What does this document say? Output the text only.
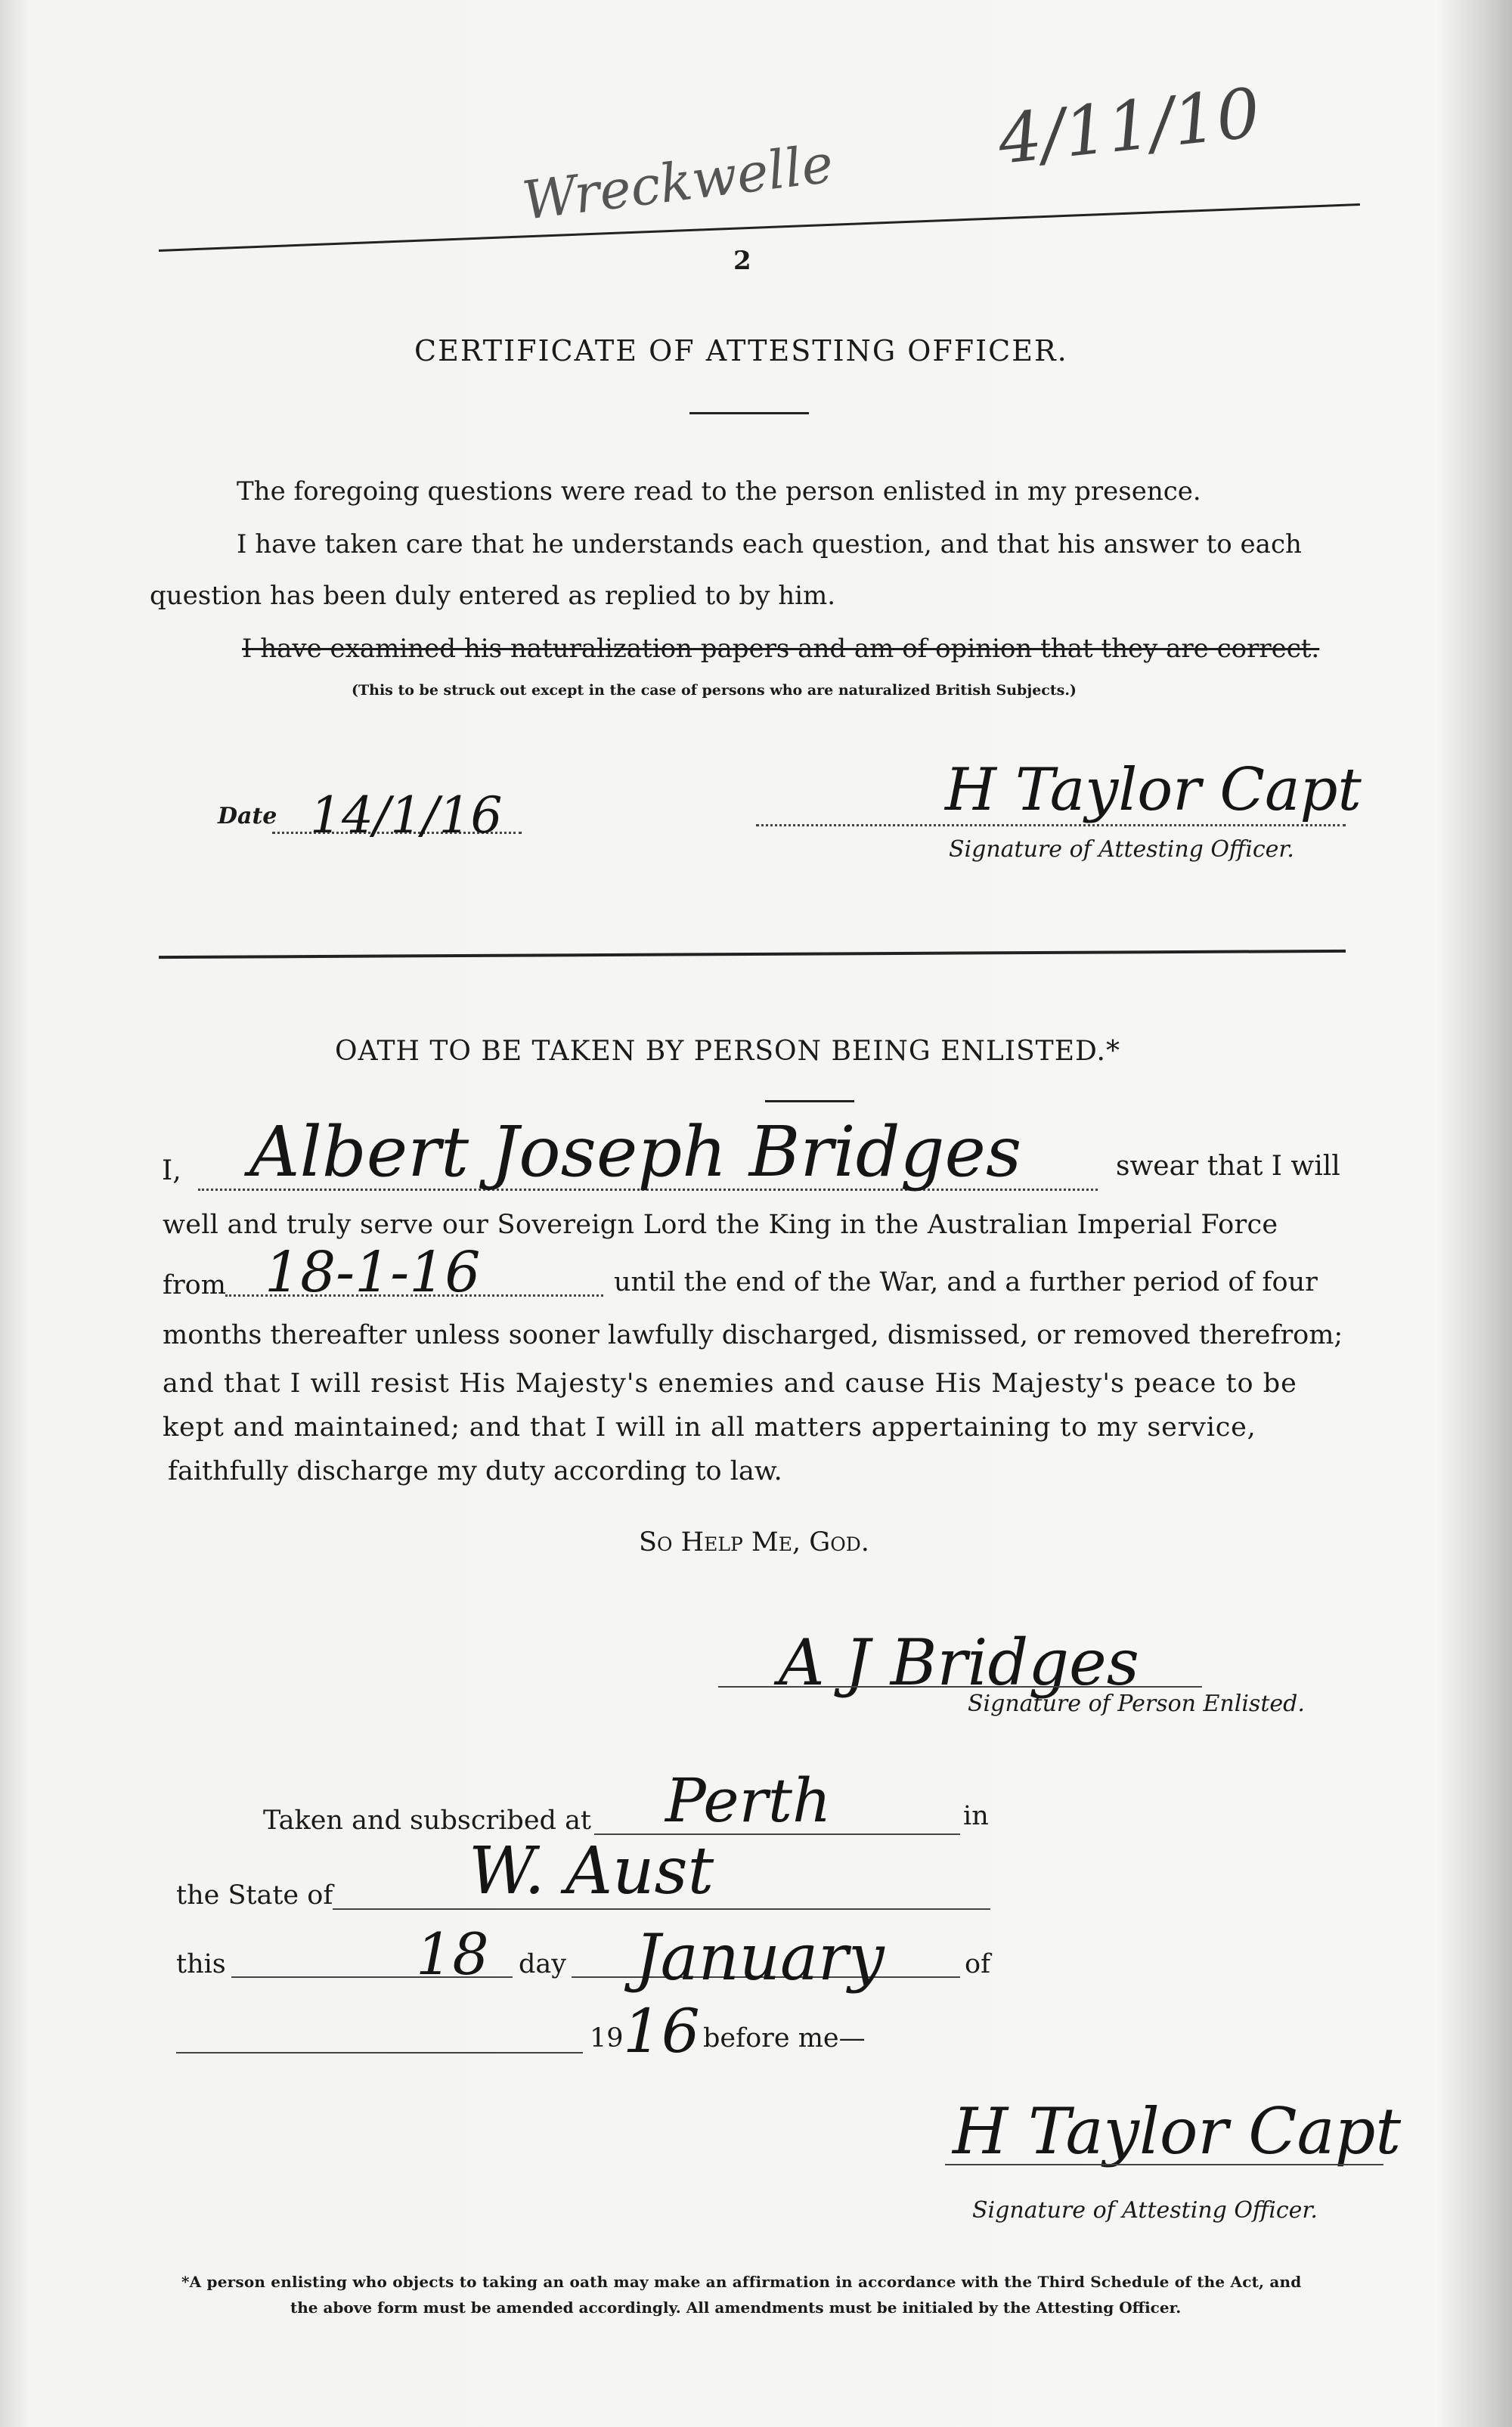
Wreckwelle
4/11/10
2
CERTIFICATE OF ATTESTING OFFICER.
The foregoing questions were read to the person enlisted in my presence.
I have taken care that he understands each question, and that his answer to each
question has been duly entered as replied to by him.
I have examined his naturalization papers and am of opinion that they are correct.
(This to be struck out except in the case of persons who are naturalized British Subjects.)
Date 14/1/16	H Taylor Capt
Signature of Attesting Officer.
OATH TO BE TAKEN BY PERSON BEING ENLISTED.*
I, Albert Joseph Bridges	swear that I will
well and truly serve our Sovereign Lord the King in the Australian Imperial Force
from 18-1-16	until the end of the War, and a further period of four
months thereafter unless sooner lawfully discharged, dismissed, or removed therefrom;
and that I will resist His Majesty's enemies and cause His Majesty's peace to be
kept and maintained; and that I will in all matters appertaining to my service,
faithfully discharge my duty according to law.
So Help Me, God.
A J Bridges
Signature of Person Enlisted.
Taken and subscribed at Perth	in
the State of W. Aust
this	18 day January	of
19 16 before me—
H Taylor Capt
Signature of Attesting Officer.
*A person enlisting who objects to taking an oath may make an affirmation in accordance with the Third Schedule of the Act, and
the above form must be amended accordingly. All amendments must be initialed by the Attesting Officer.
